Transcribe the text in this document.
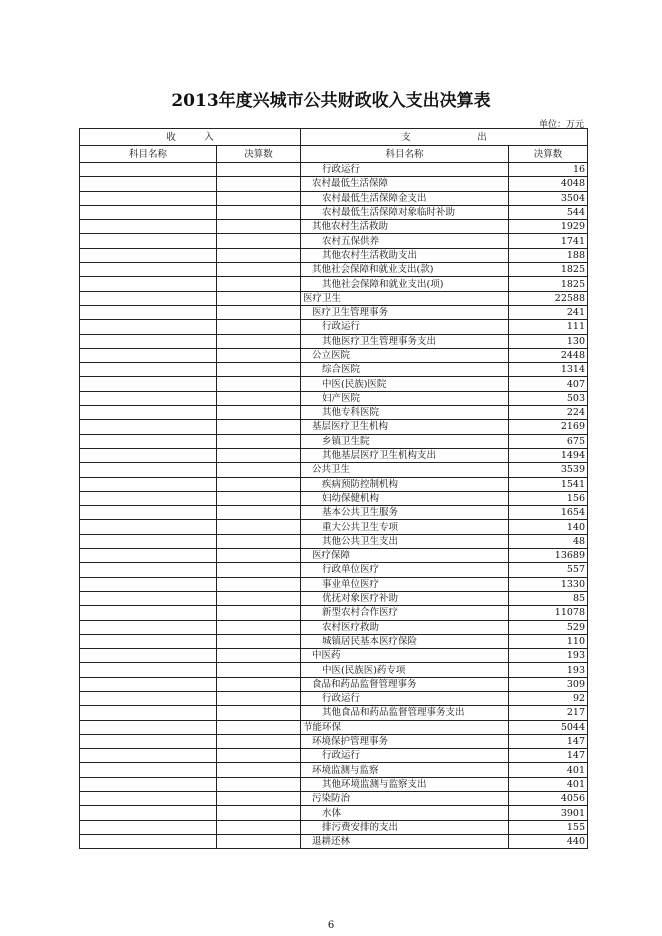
2013年度兴城市公共财政收入支出决算表
单位：万元
收　　　入		支　　　　　　　出	
科目名称	决算数	科目名称	决算数
		行政运行	16
		农村最低生活保障	4048
		农村最低生活保障金支出	3504
		农村最低生活保障对象临时补助	544
		其他农村生活救助	1929
		农村五保供养	1741
		其他农村生活救助支出	188
		其他社会保障和就业支出(款)	1825
		其他社会保障和就业支出(项)	1825
		医疗卫生	22588
		医疗卫生管理事务	241
		行政运行	111
		其他医疗卫生管理事务支出	130
		公立医院	2448
		综合医院	1314
		中医(民族)医院	407
		妇产医院	503
		其他专科医院	224
		基层医疗卫生机构	2169
		乡镇卫生院	675
		其他基层医疗卫生机构支出	1494
		公共卫生	3539
		疾病预防控制机构	1541
		妇幼保健机构	156
		基本公共卫生服务	1654
		重大公共卫生专项	140
		其他公共卫生支出	48
		医疗保障	13689
		行政单位医疗	557
		事业单位医疗	1330
		优抚对象医疗补助	85
		新型农村合作医疗	11078
		农村医疗救助	529
		城镇居民基本医疗保险	110
		中医药	193
		中医(民族医)药专项	193
		食品和药品监督管理事务	309
		行政运行	92
		其他食品和药品监督管理事务支出	217
		节能环保	5044
		环境保护管理事务	147
		行政运行	147
		环境监测与监察	401
		其他环境监测与监察支出	401
		污染防治	4056
		水体	3901
		排污费安排的支出	155
		退耕还林	440
6
